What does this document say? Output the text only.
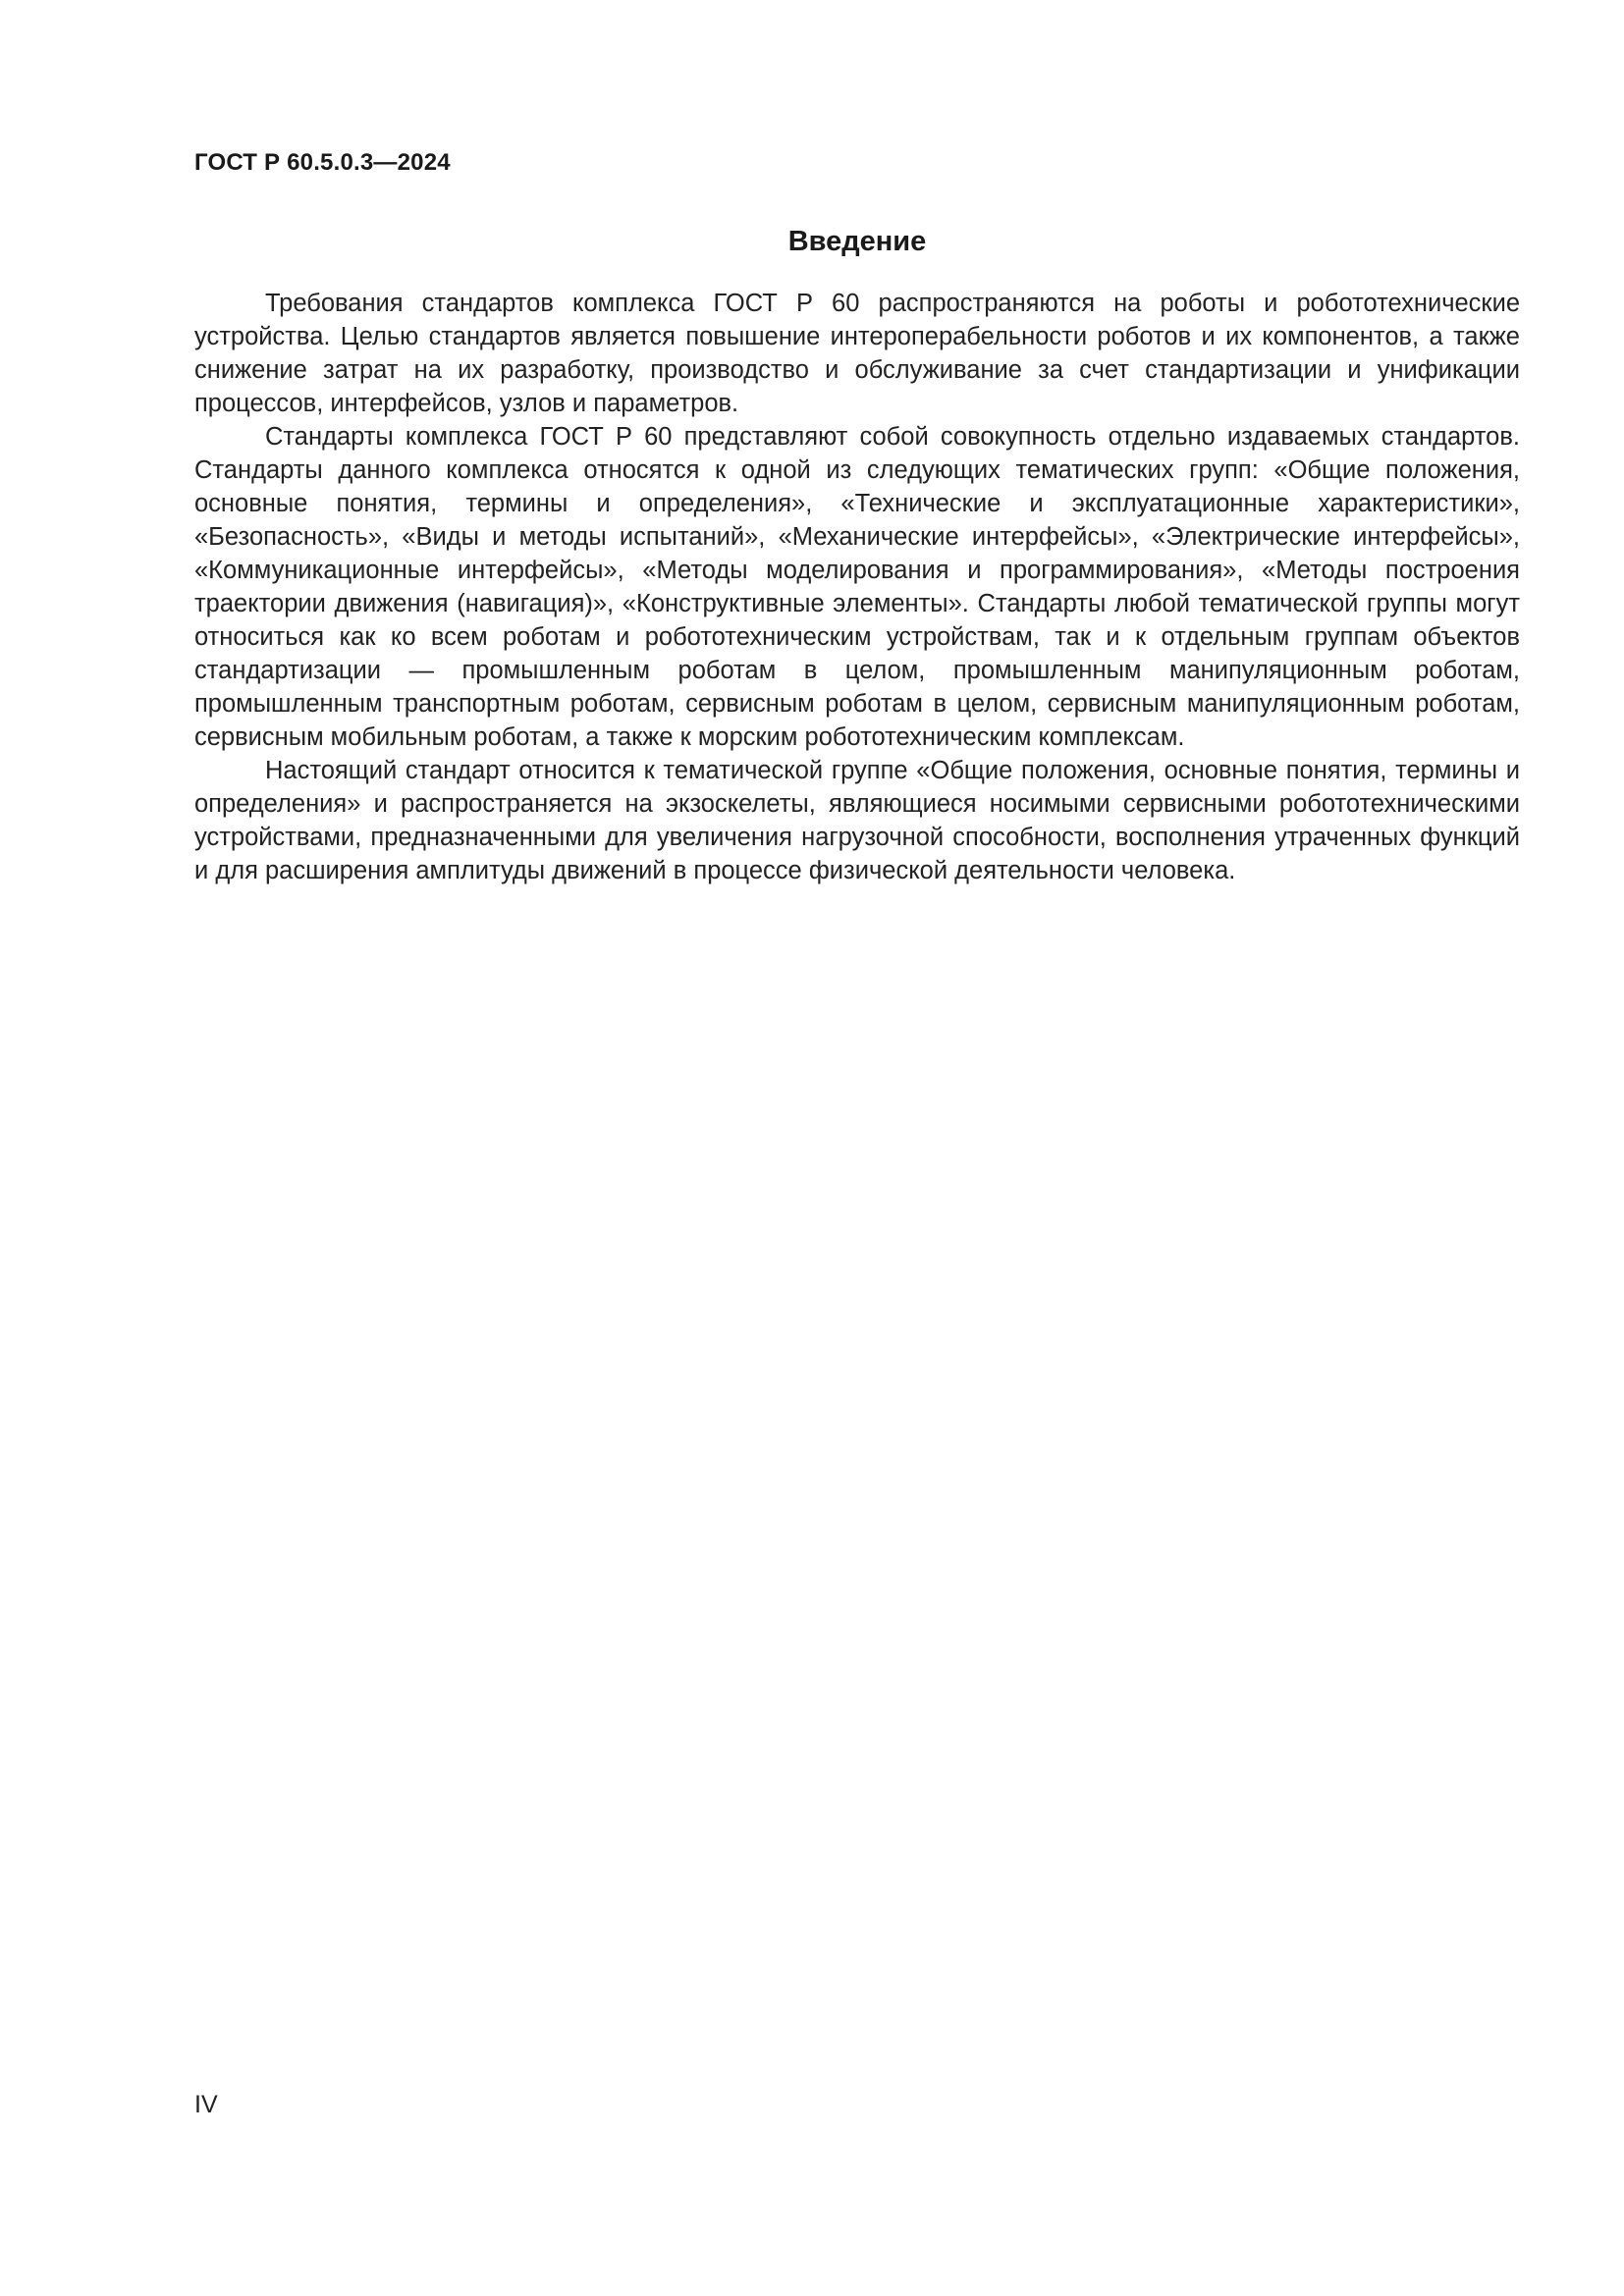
ГОСТ Р 60.5.0.3—2024
Введение

Требования стандартов комплекса ГОСТ Р 60 распространяются на роботы и робототехнические устройства. Целью стандартов является повышение интероперабельности роботов и их компонентов, а также снижение затрат на их разработку, производство и обслуживание за счет стандартизации и унификации процессов, интерфейсов, узлов и параметров.

Стандарты комплекса ГОСТ Р 60 представляют собой совокупность отдельно издаваемых стандартов. Стандарты данного комплекса относятся к одной из следующих тематических групп: «Общие положения, основные понятия, термины и определения», «Технические и эксплуатационные характеристики», «Безопасность», «Виды и методы испытаний», «Механические интерфейсы», «Электрические интерфейсы», «Коммуникационные интерфейсы», «Методы моделирования и программирования», «Методы построения траектории движения (навигация)», «Конструктивные элементы». Стандарты любой тематической группы могут относиться как ко всем роботам и робототехническим устройствам, так и к отдельным группам объектов стандартизации — промышленным роботам в целом, промышленным манипуляционным роботам, промышленным транспортным роботам, сервисным роботам в целом, сервисным манипуляционным роботам, сервисным мобильным роботам, а также к морским робототехническим комплексам.

Настоящий стандарт относится к тематической группе «Общие положения, основные понятия, термины и определения» и распространяется на экзоскелеты, являющиеся носимыми сервисными робототехническими устройствами, предназначенными для увеличения нагрузочной способности, восполнения утраченных функций и для расширения амплитуды движений в процессе физической деятельности человека.

IV
